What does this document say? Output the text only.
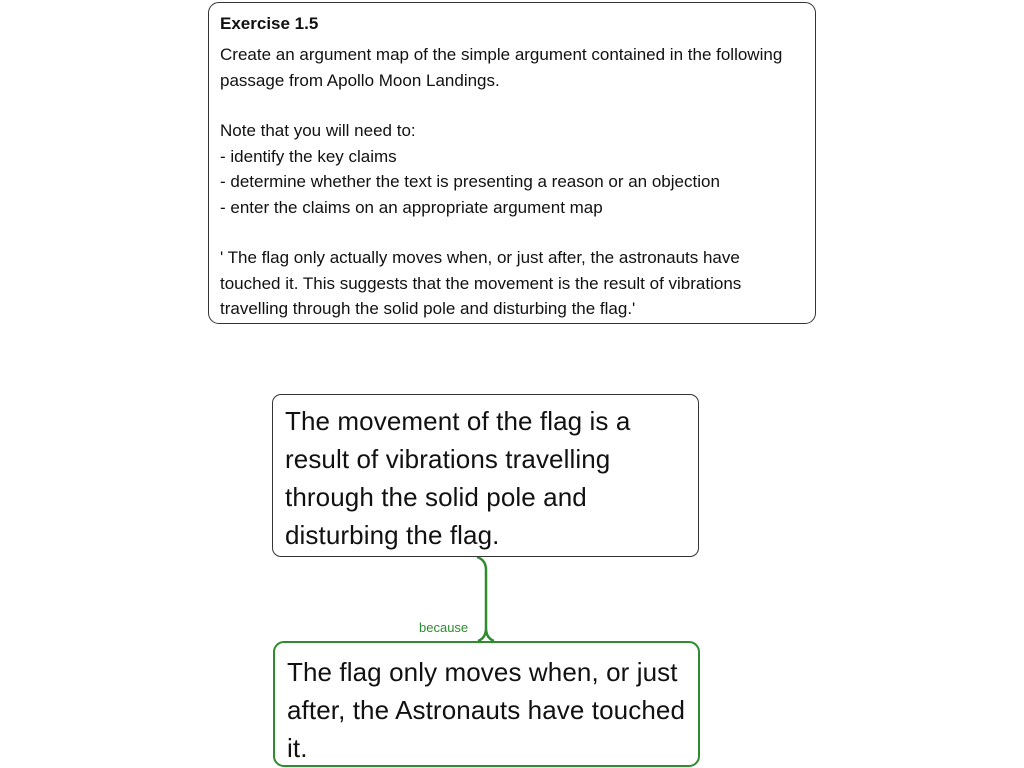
Exercise 1.5

Create an argument map of the simple argument contained in the following passage from Apollo Moon Landings.

Note that you will need to:

- identify the key claims

- determine whether the text is presenting a reason or an objection

- enter the claims on an appropriate argument map

' The flag only actually moves when, or just after, the astronauts have touched it. This suggests that the movement is the result of vibrations travelling through the solid pole and disturbing the flag.'

The movement of the flag is a result of vibrations travelling through the solid pole and disturbing the flag.
because
The flag only moves when, or just after, the Astronauts have touched it.
